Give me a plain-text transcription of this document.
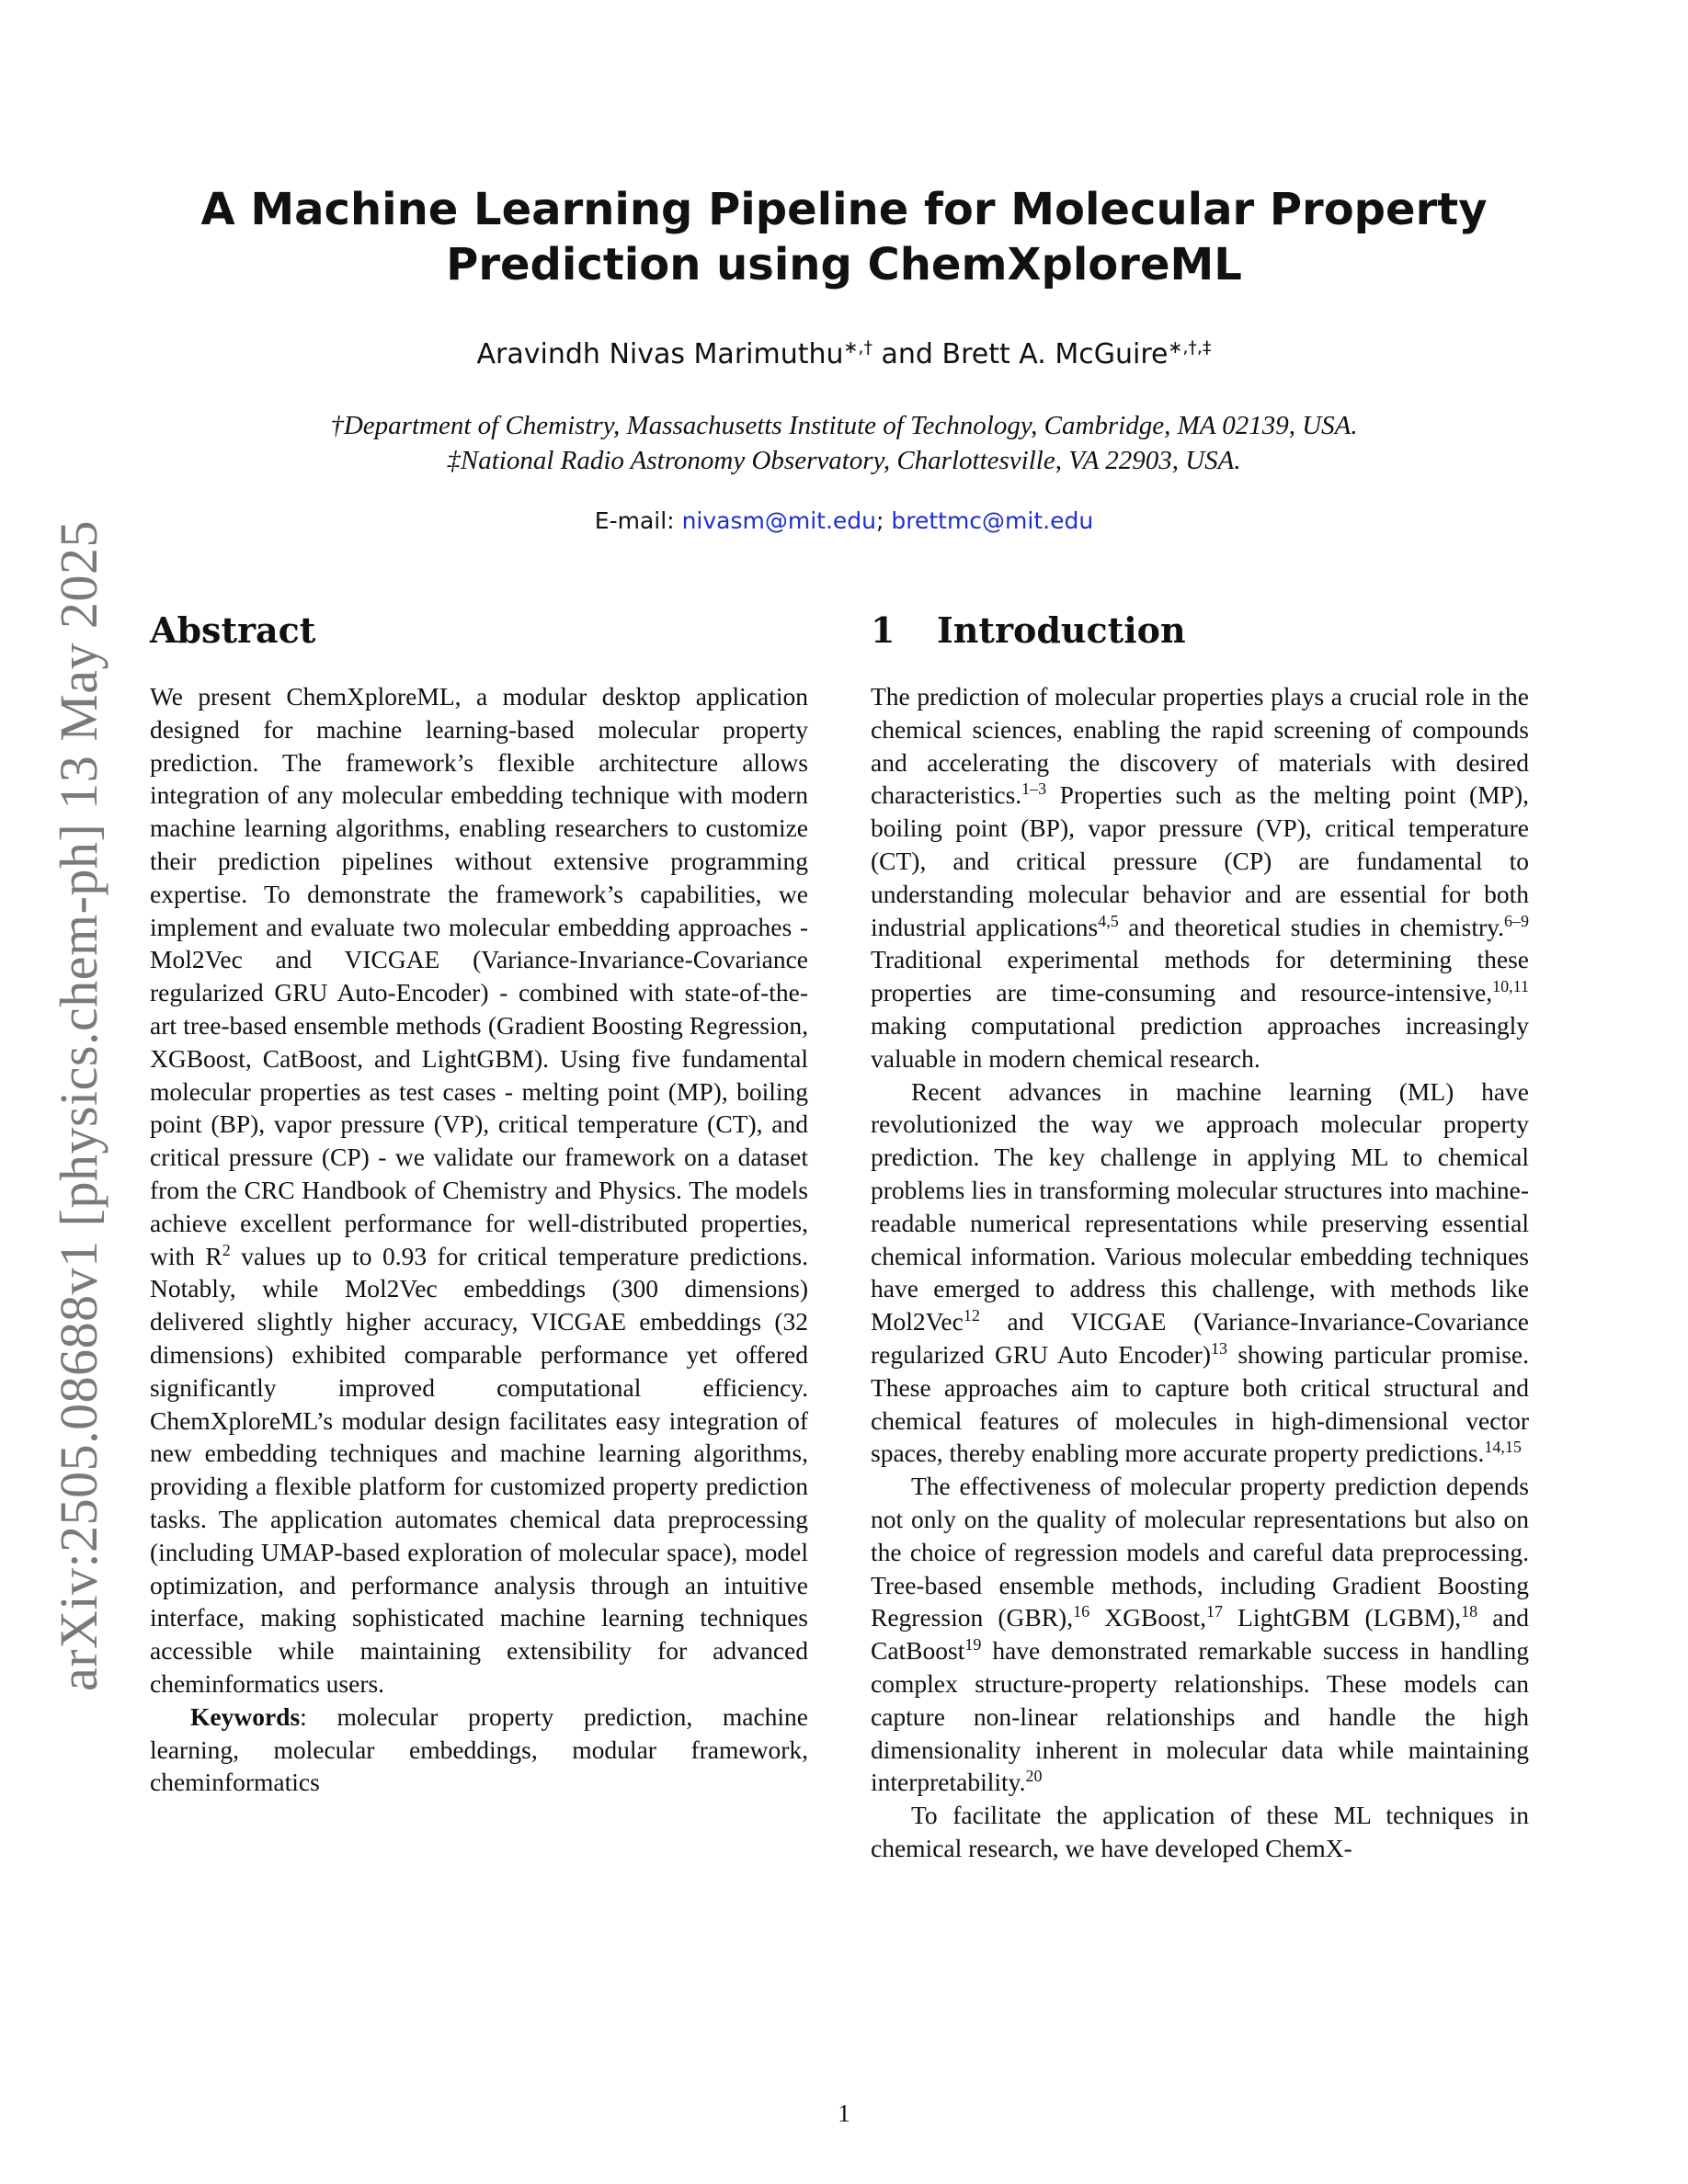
arXiv:2505.08688v1 [physics.chem-ph] 13 May 2025
A Machine Learning Pipeline for Molecular Property
Prediction using ChemXploreML
Aravindh Nivas Marimuthu∗,† and Brett A. McGuire∗,†,‡
†Department of Chemistry, Massachusetts Institute of Technology, Cambridge, MA 02139, USA.
‡National Radio Astronomy Observatory, Charlottesville, VA 22903, USA.
E-mail: nivasm@mit.edu; brettmc@mit.edu
Abstract

We present ChemXploreML, a modular desktop application designed for machine learning-based molecular property prediction. The framework’s flexible architecture allows integration of any molecular embedding technique with modern machine learning algorithms, enabling researchers to customize their prediction pipelines without extensive programming expertise. To demonstrate the framework’s capabilities, we implement and evaluate two molecular embedding approaches - Mol2Vec and VICGAE (Variance-Invariance-Covariance regularized GRU Auto-Encoder) - combined with state-of-the-art tree-based ensemble methods (Gradient Boosting Regression, XGBoost, CatBoost, and LightGBM). Using five fundamental molecular properties as test cases - melting point (MP), boiling point (BP), vapor pressure (VP), critical temperature (CT), and critical pressure (CP) - we validate our framework on a dataset from the CRC Handbook of Chemistry and Physics. The models achieve excellent performance for well-distributed properties, with $R^2$ values up to 0.93 for critical temperature predictions. Notably, while Mol2Vec embeddings (300 dimensions) delivered slightly higher accuracy, VICGAE embeddings (32 dimensions) exhibited comparable performance yet offered significantly improved computational efficiency. ChemXploreML’s modular design facilitates easy integration of new embedding techniques and machine learning algorithms, providing a flexible platform for customized property prediction tasks. The application automates chemical data preprocessing (including UMAP-based exploration of molecular space), model optimization, and performance analysis through an intuitive interface, making sophisticated machine learning techniques accessible while maintaining extensibility for advanced cheminformatics users.

Keywords: molecular property prediction, machine learning, molecular embeddings, modular framework, cheminformatics

1 Introduction

The prediction of molecular properties plays a crucial role in the chemical sciences, enabling the rapid screening of compounds and accelerating the discovery of materials with desired characteristics.$^{1-3}$ Properties such as the melting point (MP), boiling point (BP), vapor pressure (VP), critical temperature (CT), and critical pressure (CP) are fundamental to understanding molecular behavior and are essential for both industrial applications$^{4,5}$ and theoretical studies in chemistry.$^{6-9}$ Traditional experimental methods for determining these properties are time-consuming and resource-intensive,$^{10,11}$ making computational prediction approaches increasingly valuable in modern chemical research.

Recent advances in machine learning (ML) have revolutionized the way we approach molecular property prediction. The key challenge in applying ML to chemical problems lies in transforming molecular structures into machine-readable numerical representations while preserving essential chemical information. Various molecular embedding techniques have emerged to address this challenge, with methods like Mol2Vec$^{12}$ and VICGAE (Variance-Invariance-Covariance regularized GRU Auto Encoder)$^{13}$ showing particular promise. These approaches aim to capture both critical structural and chemical features of molecules in high-dimensional vector spaces, thereby enabling more accurate property predictions.$^{14,15}$

The effectiveness of molecular property prediction depends not only on the quality of molecular representations but also on the choice of regression models and careful data preprocessing. Tree-based ensemble methods, including Gradient Boosting Regression (GBR),$^{16}$ XGBoost,$^{17}$ LightGBM (LGBM),$^{18}$ and CatBoost$^{19}$ have demonstrated remarkable success in handling complex structure-property relationships. These models can capture non-linear relationships and handle the high dimensionality inherent in molecular data while maintaining interpretability.$^{20}$

To facilitate the application of these ML techniques in chemical research, we have developed ChemX-

1
